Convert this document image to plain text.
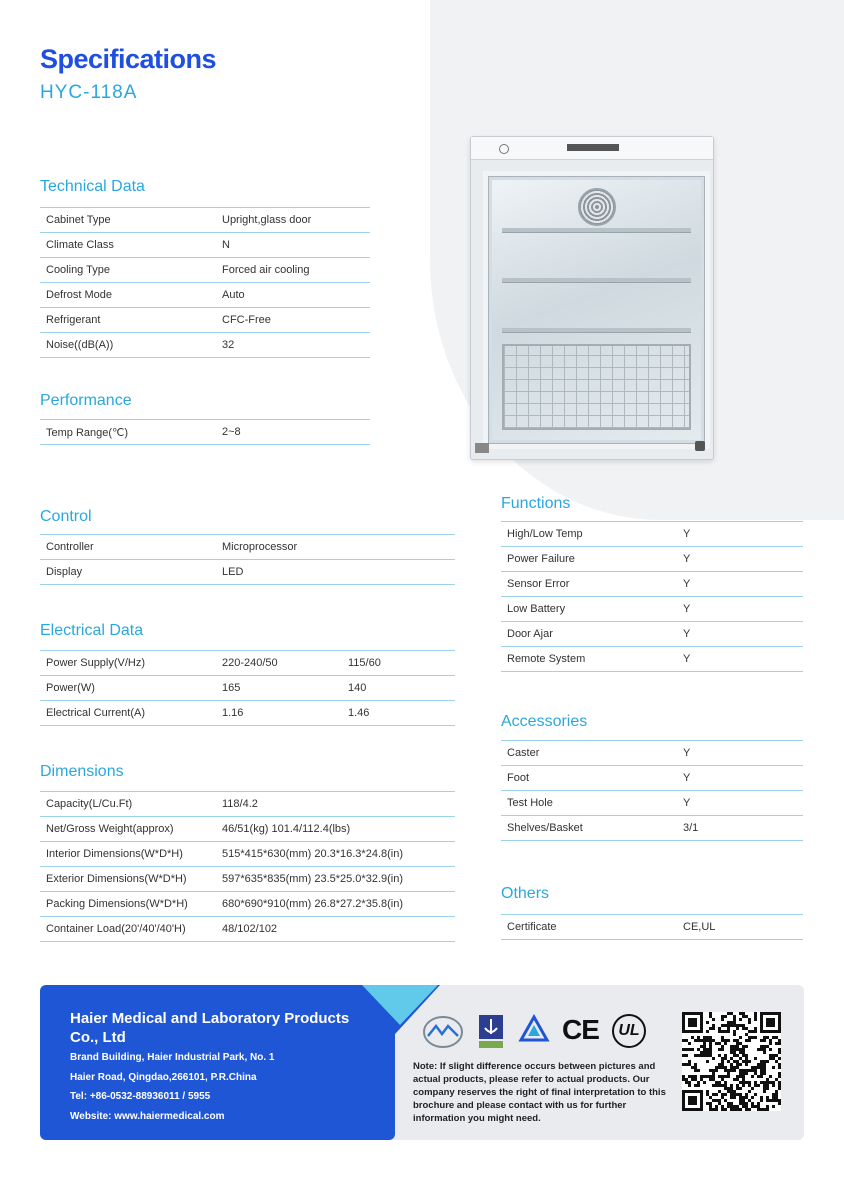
Specifications
HYC-118A
Technical Data
Cabinet Type	Upright,glass door
Climate Class	N
Cooling Type	Forced air cooling
Defrost Mode	Auto
Refrigerant	CFC-Free
Noise((dB(A))	32
Performance
Temp Range(℃)	2~8
Control
Controller	Microprocessor
Display	LED
Electrical Data
Power Supply(V/Hz)	220-240/50	115/60
Power(W)	165	140
Electrical Current(A)	1.16	1.46
Dimensions
Capacity(L/Cu.Ft)	118/4.2
Net/Gross Weight(approx)	46/51(kg) 101.4/112.4(lbs)
Interior Dimensions(W*D*H)	515*415*630(mm) 20.3*16.3*24.8(in)
Exterior Dimensions(W*D*H)	597*635*835(mm) 23.5*25.0*32.9(in)
Packing Dimensions(W*D*H)	680*690*910(mm) 26.8*27.2*35.8(in)
Container Load(20'/40'/40'H)	48/102/102
Functions
High/Low Temp	Y
Power Failure	Y
Sensor Error	Y
Low Battery	Y
Door Ajar	Y
Remote System	Y
Accessories
Caster	Y
Foot	Y
Test Hole	Y
Shelves/Basket	3/1
Others
Certificate	CE,UL
Haier Medical and Laboratory Products Co., Ltd
Brand Building, Haier Industrial Park, No. 1
Haier Road, Qingdao,266101, P.R.China
Tel: +86-0532-88936011 / 5955
Website: www.haiermedical.com
CE	UL
Note: If slight difference occurs between pictures and actual products, please refer to actual products. Our company reserves the right of final interpretation to this brochure and please contact with us for further information you might need.
